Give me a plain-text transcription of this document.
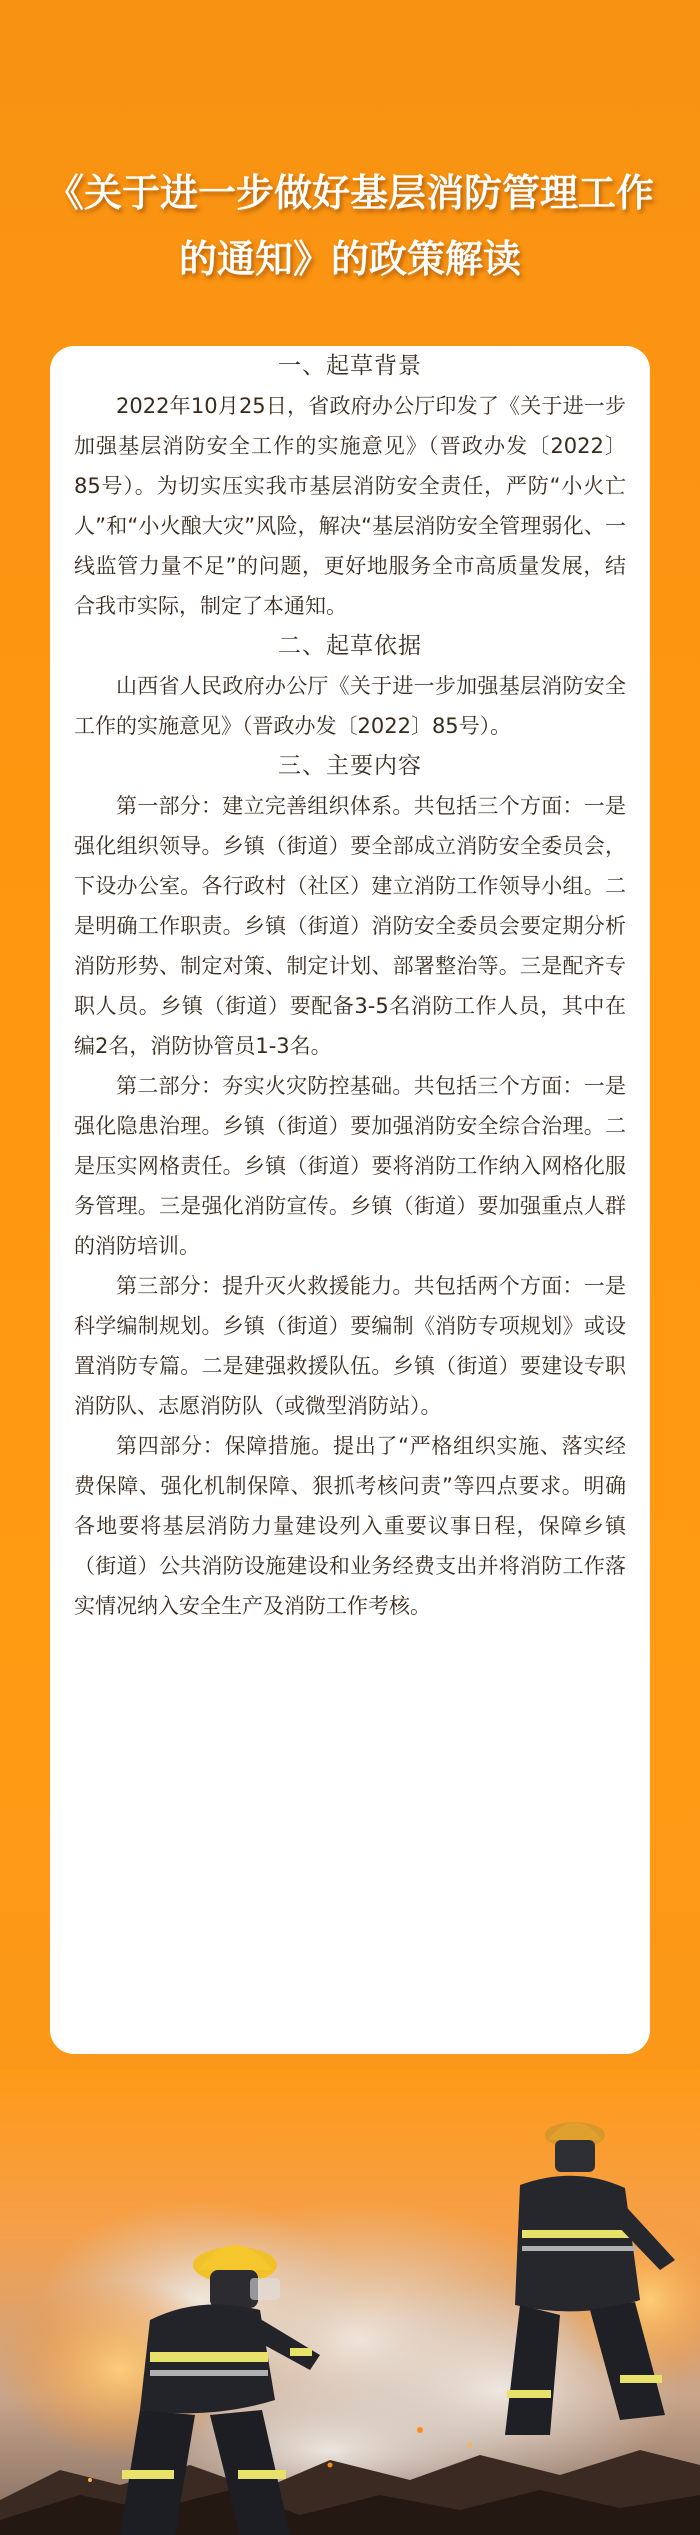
《关于进一步做好基层消防管理工作
的通知》的政策解读

一、起草背景

2022年10月25日，省政府办公厅印发了《关于进一步加强基层消防安全工作的实施意见》（晋政办发〔2022〕85号）。为切实压实我市基层消防安全责任，严防“小火亡人”和“小火酿大灾”风险，解决“基层消防安全管理弱化、一线监管力量不足”的问题，更好地服务全市高质量发展，结合我市实际，制定了本通知。

二、起草依据

山西省人民政府办公厅《关于进一步加强基层消防安全工作的实施意见》（晋政办发〔2022〕85号）。

三、主要内容

第一部分：建立完善组织体系。共包括三个方面：一是强化组织领导。乡镇（街道）要全部成立消防安全委员会，下设办公室。各行政村（社区）建立消防工作领导小组。二是明确工作职责。乡镇（街道）消防安全委员会要定期分析消防形势、制定对策、制定计划、部署整治等。三是配齐专职人员。乡镇（街道）要配备3-5名消防工作人员，其中在编2名，消防协管员1-3名。

第二部分：夯实火灾防控基础。共包括三个方面：一是强化隐患治理。乡镇（街道）要加强消防安全综合治理。二是压实网格责任。乡镇（街道）要将消防工作纳入网格化服务管理。三是强化消防宣传。乡镇（街道）要加强重点人群的消防培训。

第三部分：提升灭火救援能力。共包括两个方面：一是科学编制规划。乡镇（街道）要编制《消防专项规划》或设置消防专篇。二是建强救援队伍。乡镇（街道）要建设专职消防队、志愿消防队（或微型消防站）。

第四部分：保障措施。提出了“严格组织实施、落实经费保障、强化机制保障、狠抓考核问责”等四点要求。明确各地要将基层消防力量建设列入重要议事日程，保障乡镇（街道）公共消防设施建设和业务经费支出并将消防工作落实情况纳入安全生产及消防工作考核。
